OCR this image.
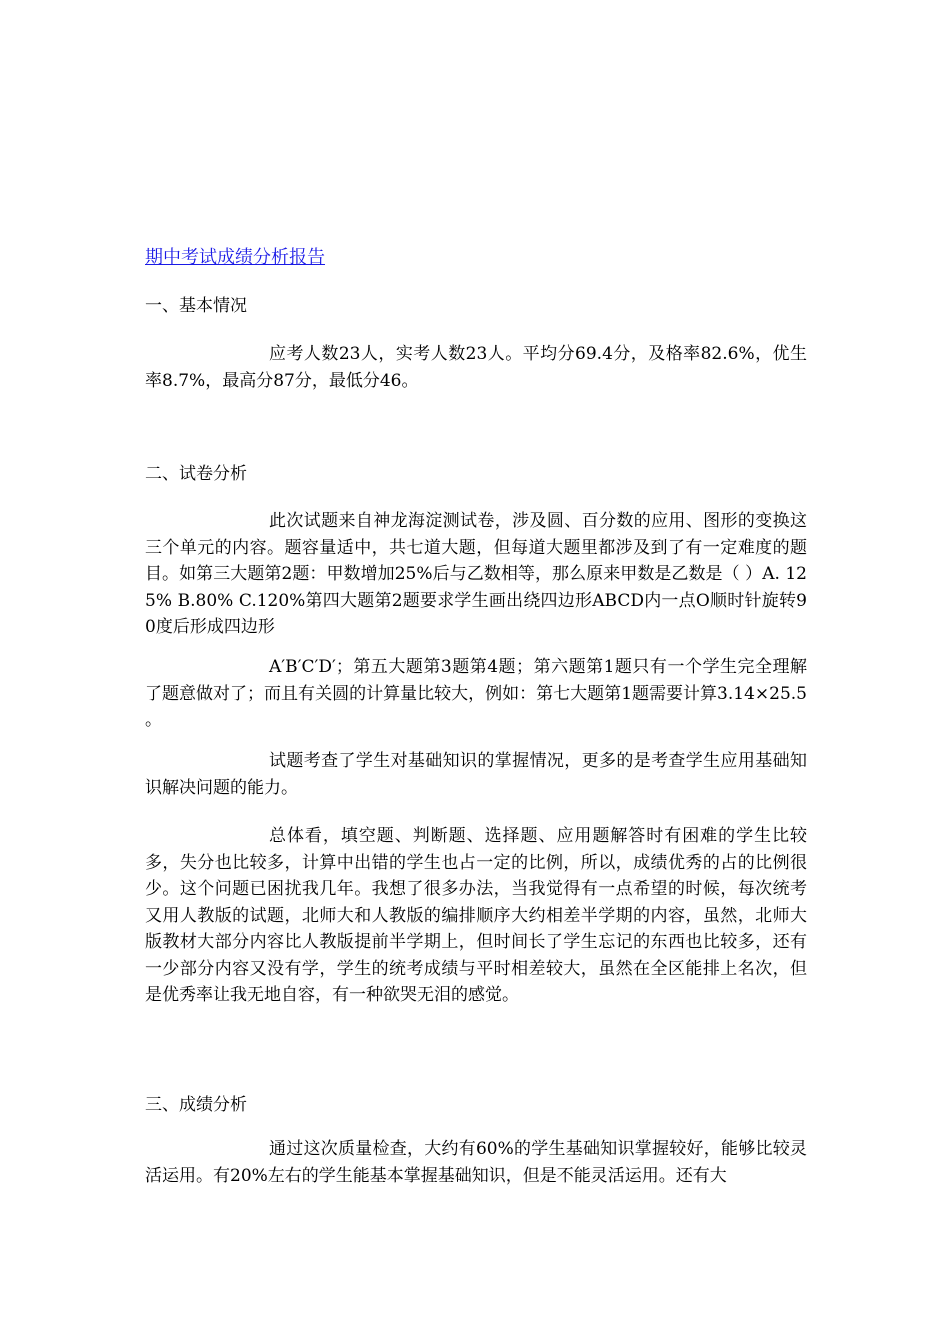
期中考试成绩分析报告
一、基本情况

应考人数23人，实考人数23人。平均分69.4分，及格率82.6%，优生率8.7%，最高分87分，最低分46。

二、试卷分析

此次试题来自神龙海淀测试卷，涉及圆、百分数的应用、图形的变换这三个单元的内容。题容量适中，共七道大题，但每道大题里都涉及到了有一定难度的题目。如第三大题第2题：甲数增加25%后与乙数相等，那么原来甲数是乙数是（ ）A. 125% B.80% C.120%第四大题第2题要求学生画出绕四边形ABCD内一点O顺时针旋转90度后形成四边形

A′B′C′D′；第五大题第3题第4题；第六题第1题只有一个学生完全理解了题意做对了；而且有关圆的计算量比较大，例如：第七大题第1题需要计算3.14×25.5 。

试题考查了学生对基础知识的掌握情况，更多的是考查学生应用基础知识解决问题的能力。

总体看，填空题、判断题、选择题、应用题解答时有困难的学生比较多，失分也比较多，计算中出错的学生也占一定的比例，所以，成绩优秀的占的比例很少。这个问题已困扰我几年。我想了很多办法，当我觉得有一点希望的时候，每次统考又用人教版的试题，北师大和人教版的编排顺序大约相差半学期的内容，虽然，北师大版教材大部分内容比人教版提前半学期上，但时间长了学生忘记的东西也比较多，还有一少部分内容又没有学，学生的统考成绩与平时相差较大，虽然在全区能排上名次，但是优秀率让我无地自容，有一种欲哭无泪的感觉。

三、成绩分析

通过这次质量检查，大约有60%的学生基础知识掌握较好，能够比较灵活运用。有20%左右的学生能基本掌握基础知识，但是不能灵活运用。还有大
